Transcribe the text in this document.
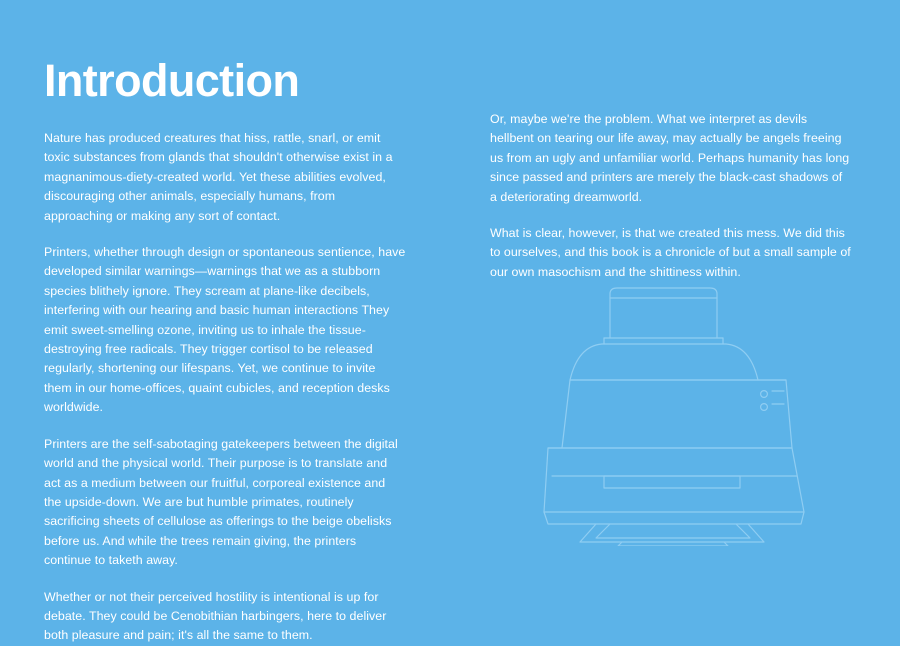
Introduction

Nature has produced creatures that hiss, rattle, snarl, or emit toxic substances from glands that shouldn't otherwise exist in a magnanimous-diety-created world. Yet these abilities evolved, discouraging other animals, especially humans, from approaching or making any sort of contact.

Printers, whether through design or spontaneous sentience, have developed similar warnings—warnings that we as a stubborn species blithely ignore. They scream at plane-like decibels, interfering with our hearing and basic human interactions They emit sweet-smelling ozone, inviting us to inhale the tissue-destroying free radicals. They trigger cortisol to be released regularly, shortening our lifespans. Yet, we continue to invite them in our home-offices, quaint cubicles, and reception desks worldwide.

Printers are the self-sabotaging gatekeepers between the digital world and the physical world. Their purpose is to translate and act as a medium between our fruitful, corporeal existence and the upside-down. We are but humble primates, routinely sacrificing sheets of cellulose as offerings to the beige obelisks before us. And while the trees remain giving, the printers continue to taketh away.

Whether or not their perceived hostility is intentional is up for debate. They could be Cenobithian harbingers, here to deliver both pleasure and pain; it's all the same to them.

Or, maybe we're the problem. What we interpret as devils hellbent on tearing our life away, may actually be angels freeing us from an ugly and unfamiliar world. Perhaps humanity has long since passed and printers are merely the black-cast shadows of a deteriorating dreamworld.

What is clear, however, is that we created this mess. We did this to ourselves, and this book is a chronicle of but a small sample of our own masochism and the shittiness within.
